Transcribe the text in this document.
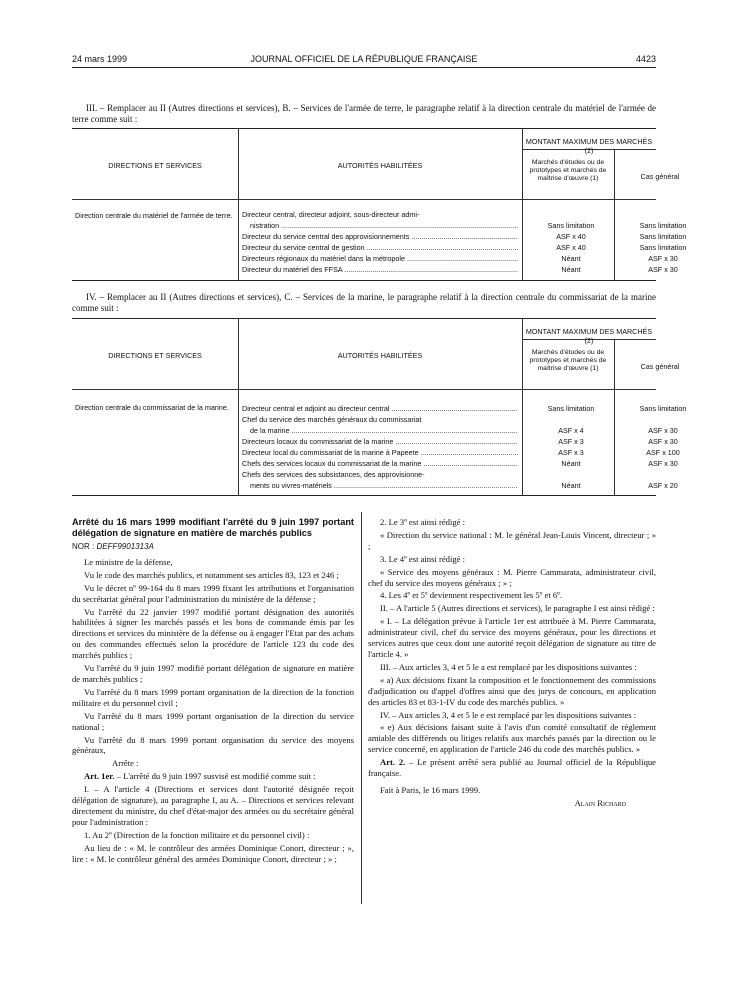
24 mars 1999	JOURNAL OFFICIEL DE LA RÉPUBLIQUE FRANÇAISE	4423
III. – Remplacer au II (Autres directions et services), B. – Services de l'armée de terre, le paragraphe relatif à la direction centrale du matériel de l'armée de terre comme suit :
DIRECTIONS ET SERVICES	AUTORITÉS HABILITÉES
MONTANT MAXIMUM DES MARCHÉS (2)
Marchés d'études ou de prototypes et marchés de maîtrise d'œuvre (1)	Cas général
Direction centrale du matériel de l'armée de terre.	Directeur central, directeur adjoint, sous-directeur admi-
nistration .....	Sans limitation	Sans limitation
Directeur du service central des approvisionnements .....	ASF x 40	Sans limitation
Directeur du service central de gestion .....	ASF x 40	Sans limitation
Directeurs régionaux du matériel dans la métropole .....	Néant	ASF x 30
Directeur du matériel des FFSA .....	Néant	ASF x 30
IV. – Remplacer au II (Autres directions et services), C. – Services de la marine, le paragraphe relatif à la direction centrale du commissariat de la marine comme suit :
DIRECTIONS ET SERVICES	AUTORITÉS HABILITÉES
MONTANT MAXIMUM DES MARCHÉS (2)
Marchés d'études ou de prototypes et marchés de maîtrise d'œuvre (1)	Cas général
Direction centrale du commissariat de la marine.	Directeur central et adjoint au directeur central .....	Sans limitation	Sans limitation
Chef du service des marchés généraux du commissariat
de la marine .....	ASF x 4	ASF x 30
Directeurs locaux du commissariat de la marine .....	ASF x 3	ASF x 30
Directeur local du commissariat de la marine à Papeete .....	ASF x 3	ASF x 100
Chefs des services locaux du commissariat de la marine .....	Néant	ASF x 30
Chefs des services des subsistances, des approvisionne-
ments ou vivres-matériels .....	Néant	ASF x 20

Arrêté du 16 mars 1999 modifiant l'arrêté du 9 juin 1997 portant délégation de signature en matière de marchés publics

NOR : DEFF9901313A

Le ministre de la défense,

Vu le code des marchés publics, et notamment ses articles 83, 123 et 246 ;

Vu le décret nº 99-164 du 8 mars 1999 fixant les attributions et l'organisation du secrétariat général pour l'administration du ministère de la défense ;

Vu l'arrêté du 22 janvier 1997 modifié portant désignation des autorités habilitées à signer les marchés passés et les bons de commande émis par les directions et services du ministère de la défense ou à engager l'Etat par des achats ou des commandes effectués selon la procédure de l'article 123 du code des marchés publics ;

Vu l'arrêté du 9 juin 1997 modifié portant délégation de signature en matière de marchés publics ;

Vu l'arrêté du 8 mars 1999 portant organisation de la direction de la fonction militaire et du personnel civil ;

Vu l'arrêté du 8 mars 1999 portant organisation de la direction du service national ;

Vu l'arrêté du 8 mars 1999 portant organisation du service des moyens généraux,

Arrête :

Art. 1er. – L'arrêté du 9 juin 1997 susvisé est modifié comme suit :

I. – A l'article 4 (Directions et services dont l'autorité désignée reçoit délégation de signature), au paragraphe I, au A. – Directions et services relevant directement du ministre, du chef d'état-major des armées ou du secrétaire général pour l'administration :

1. Au 2º (Direction de la fonction militaire et du personnel civil) :

Au lieu de : « M. le contrôleur des armées Dominique Conort, directeur ; », lire : « M. le contrôleur général des armées Dominique Conort, directeur ; » ;

2. Le 3º est ainsi rédigé :

« Direction du service national : M. le général Jean-Louis Vincent, directeur ; » ;

3. Le 4º est ainsi rédigé :

« Service des moyens généraux : M. Pierre Cammarata, administrateur civil, chef du service des moyens généraux ; » ;

4. Les 4º et 5º deviennent respectivement les 5º et 6º.

II. – A l'article 5 (Autres directions et services), le paragraphe I est ainsi rédigé :

« I. – La délégation prévue à l'article 1er est attribuée à M. Pierre Cammarata, administrateur civil, chef du service des moyens généraux, pour les directions et services autres que ceux dont une autorité reçoit délégation de signature au titre de l'article 4. »

III. – Aux articles 3, 4 et 5 le a est remplacé par les dispositions suivantes :

« a) Aux décisions fixant la composition et le fonctionnement des commissions d'adjudication ou d'appel d'offres ainsi que des jurys de concours, en application des articles 83 et 83-1-IV du code des marchés publics. »

IV. – Aux articles 3, 4 et 5 le e est remplacé par les dispositions suivantes :

« e) Aux décisions faisant suite à l'avis d'un comité consultatif de règlement amiable des différends ou litiges relatifs aux marchés passés par la direction ou le service concerné, en application de l'article 246 du code des marchés publics. »

Art. 2. – Le présent arrêté sera publié au Journal officiel de la République française.

Fait à Paris, le 16 mars 1999.

Alain Richard
